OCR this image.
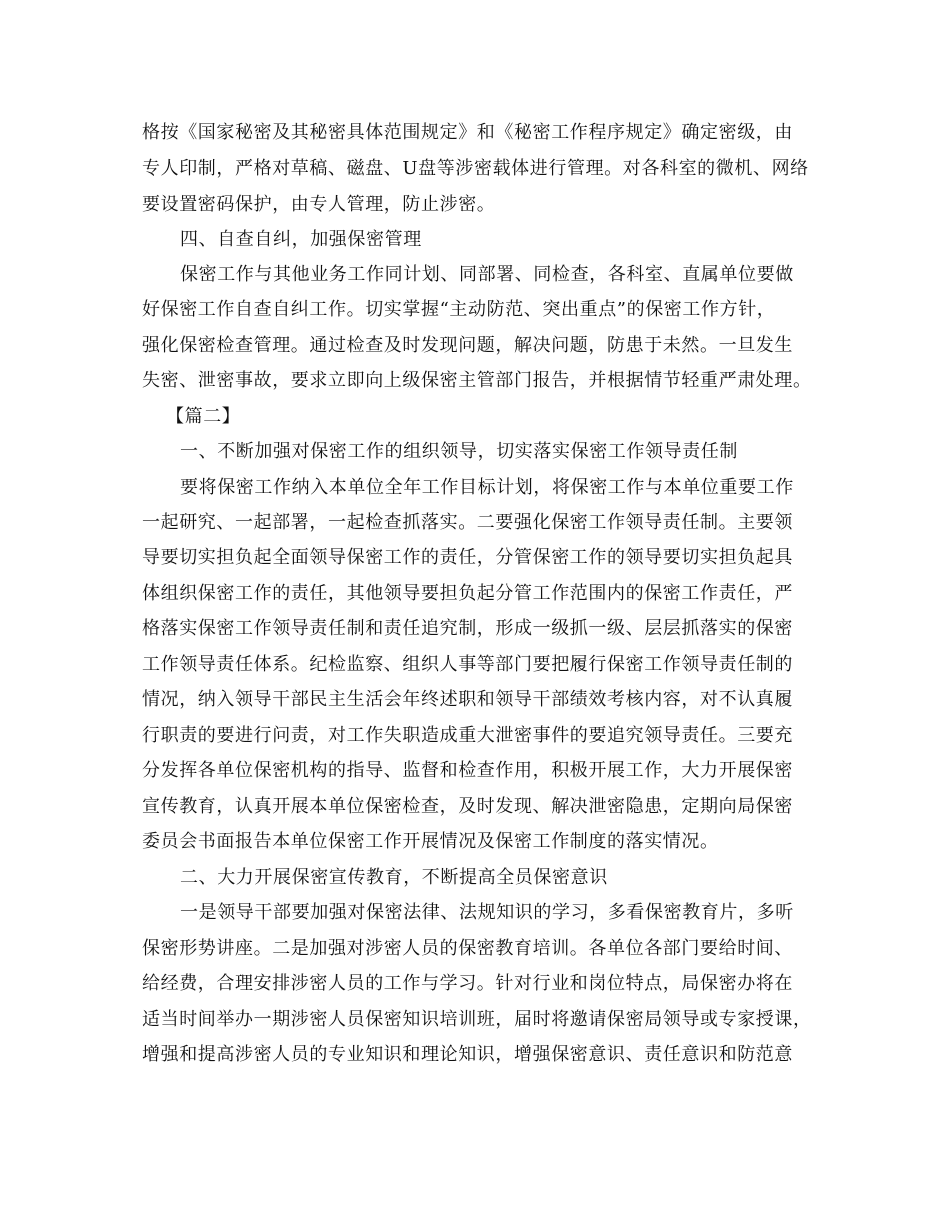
格按《国家秘密及其秘密具体范围规定》和《秘密工作程序规定》确定密级，由
专人印制，严格对草稿、磁盘、U盘等涉密载体进行管理。对各科室的微机、网络
要设置密码保护，由专人管理，防止涉密。
四、自查自纠，加强保密管理
保密工作与其他业务工作同计划、同部署、同检查，各科室、直属单位要做
好保密工作自查自纠工作。切实掌握“主动防范、突出重点”的保密工作方针，
强化保密检查管理。通过检查及时发现问题，解决问题，防患于未然。一旦发生
失密、泄密事故，要求立即向上级保密主管部门报告，并根据情节轻重严肃处理。
【篇二】
一、不断加强对保密工作的组织领导，切实落实保密工作领导责任制
要将保密工作纳入本单位全年工作目标计划，将保密工作与本单位重要工作
一起研究、一起部署，一起检查抓落实。二要强化保密工作领导责任制。主要领
导要切实担负起全面领导保密工作的责任，分管保密工作的领导要切实担负起具
体组织保密工作的责任，其他领导要担负起分管工作范围内的保密工作责任，严
格落实保密工作领导责任制和责任追究制，形成一级抓一级、层层抓落实的保密
工作领导责任体系。纪检监察、组织人事等部门要把履行保密工作领导责任制的
情况，纳入领导干部民主生活会年终述职和领导干部绩效考核内容，对不认真履
行职责的要进行问责，对工作失职造成重大泄密事件的要追究领导责任。三要充
分发挥各单位保密机构的指导、监督和检查作用，积极开展工作，大力开展保密
宣传教育，认真开展本单位保密检查，及时发现、解决泄密隐患，定期向局保密
委员会书面报告本单位保密工作开展情况及保密工作制度的落实情况。
二、大力开展保密宣传教育，不断提高全员保密意识
一是领导干部要加强对保密法律、法规知识的学习，多看保密教育片，多听
保密形势讲座。二是加强对涉密人员的保密教育培训。各单位各部门要给时间、
给经费，合理安排涉密人员的工作与学习。针对行业和岗位特点，局保密办将在
适当时间举办一期涉密人员保密知识培训班，届时将邀请保密局领导或专家授课，
增强和提高涉密人员的专业知识和理论知识，增强保密意识、责任意识和防范意
